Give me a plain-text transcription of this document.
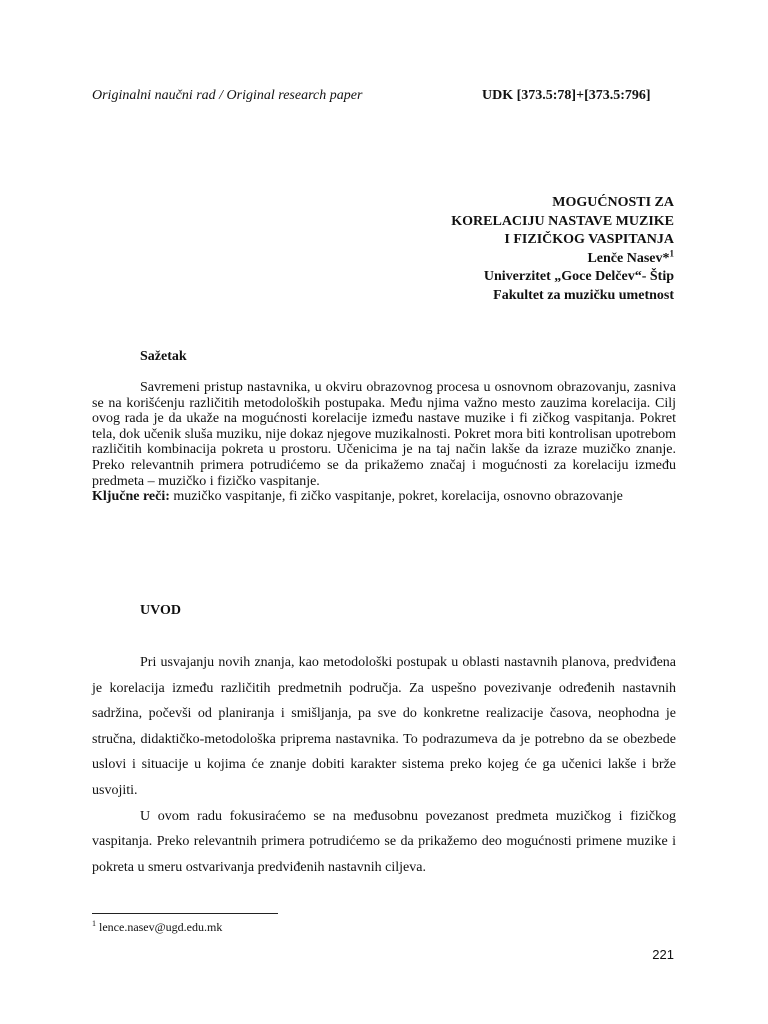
Originalni naučni rad / Original research paper	UDK [373.5:78]+[373.5:796]
MOGUĆNOSTI ZA
KORELACIJU NASTAVE MUZIKE
I FIZIČKOG VASPITANJA
Lenče Nasev*$^1$
Univerzitet „Goce Delčev“- Štip
Fakultet za muzičku umetnost
Sažetak

Savremeni pristup nastavnika, u okviru obrazovnog procesa u osnovnom obrazovanju, zasniva se na korišćenju različitih metodoloških postupaka. Među njima važno mesto zauzima korelacija. Cilj ovog rada je da ukaže na mogućnosti korelacije između nastave muzike i fi zičkog vaspitanja. Pokret tela, dok učenik sluša muziku, nije dokaz njegove muzikalnosti. Pokret mora biti kontrolisan upotrebom različitih kombinacija pokreta u prostoru. Učenicima je na taj način lakše da izraze muzičko znanje. Preko relevantnih primera potrudićemo se da prikažemo značaj i mogućnosti za korelaciju između predmeta – muzičko i fizičko vaspitanje.

Ključne reči: muzičko vaspitanje, fi zičko vaspitanje, pokret, korelacija, osnovno obrazovanje

UVOD

Pri usvajanju novih znanja, kao metodološki postupak u oblasti nastavnih planova, predviđena je korelacija između različitih predmetnih područja. Za uspešno povezivanje određenih nastavnih sadržina, počevši od planiranja i smišljanja, pa sve do konkretne realizacije časova, neophodna je stručna, didaktičko-metodološka priprema nastavnika. To podrazumeva da je potrebno da se obezbede uslovi i situacije u kojima će znanje dobiti karakter sistema preko kojeg će ga učenici lakše i brže usvojiti.

U ovom radu fokusiraćemo se na međusobnu povezanost predmeta muzičkog i fizičkog vaspitanja. Preko relevantnih primera potrudićemo se da prikažemo deo mogućnosti primene muzike i pokreta u smeru ostvarivanja predviđenih nastavnih ciljeva.

$^1$ lence.nasev@ugd.edu.mk
221
